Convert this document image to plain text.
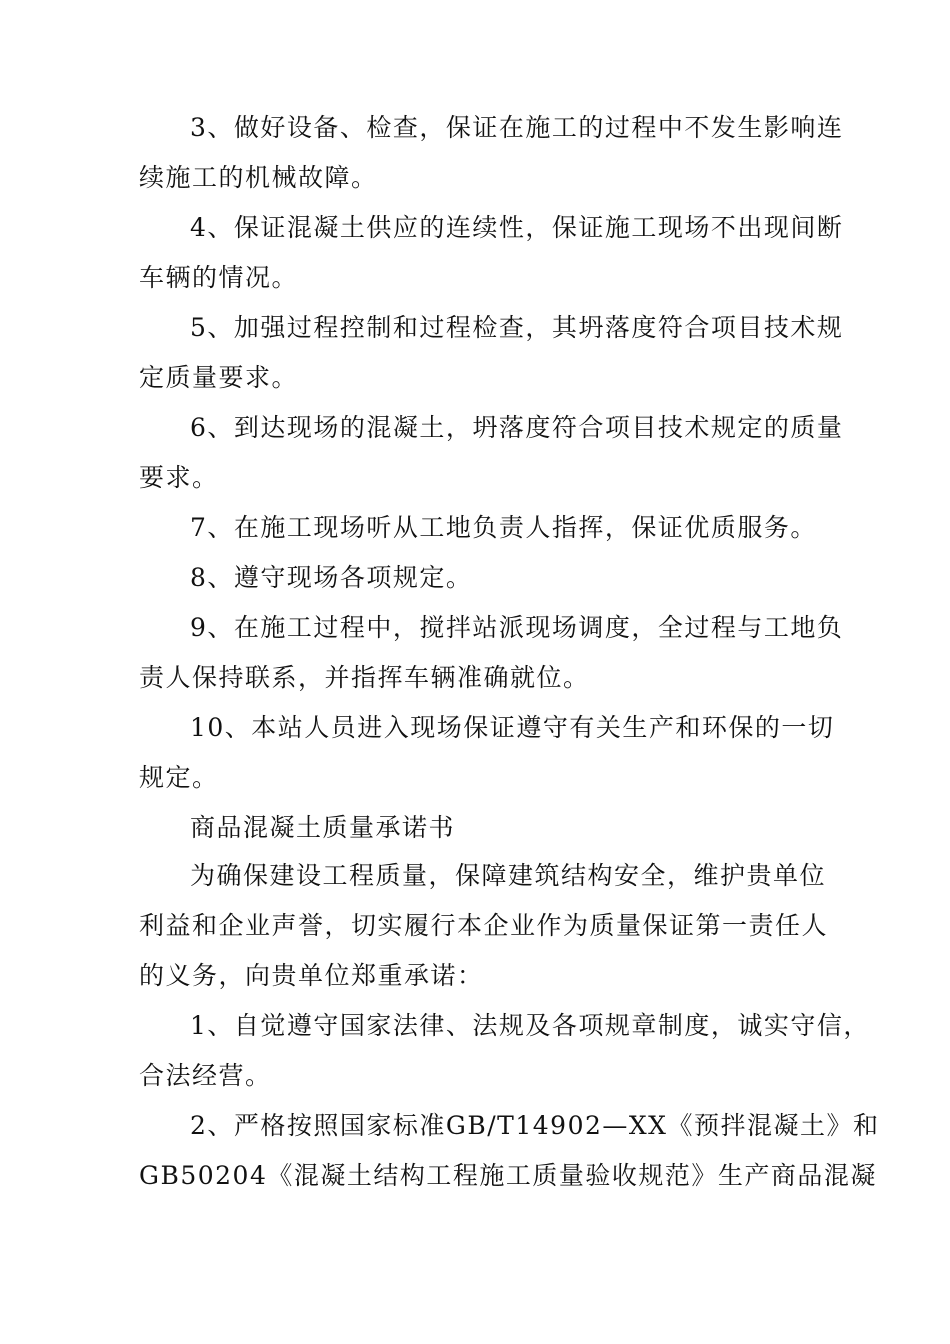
3、做好设备、检查，保证在施工的过程中不发生影响连
续施工的机械故障。
4、保证混凝土供应的连续性，保证施工现场不出现间断
车辆的情况。
5、加强过程控制和过程检查，其坍落度符合项目技术规
定质量要求。
6、到达现场的混凝土，坍落度符合项目技术规定的质量
要求。
7、在施工现场听从工地负责人指挥，保证优质服务。
8、遵守现场各项规定。
9、在施工过程中，搅拌站派现场调度，全过程与工地负
责人保持联系，并指挥车辆准确就位。
10、本站人员进入现场保证遵守有关生产和环保的一切
规定。
商品混凝土质量承诺书
为确保建设工程质量，保障建筑结构安全，维护贵单位
利益和企业声誉，切实履行本企业作为质量保证第一责任人
的义务，向贵单位郑重承诺：
1、自觉遵守国家法律、法规及各项规章制度，诚实守信，
合法经营。
2、严格按照国家标准GB/T14902—XX《预拌混凝土》和
GB50204《混凝土结构工程施工质量验收规范》生产商品混凝
